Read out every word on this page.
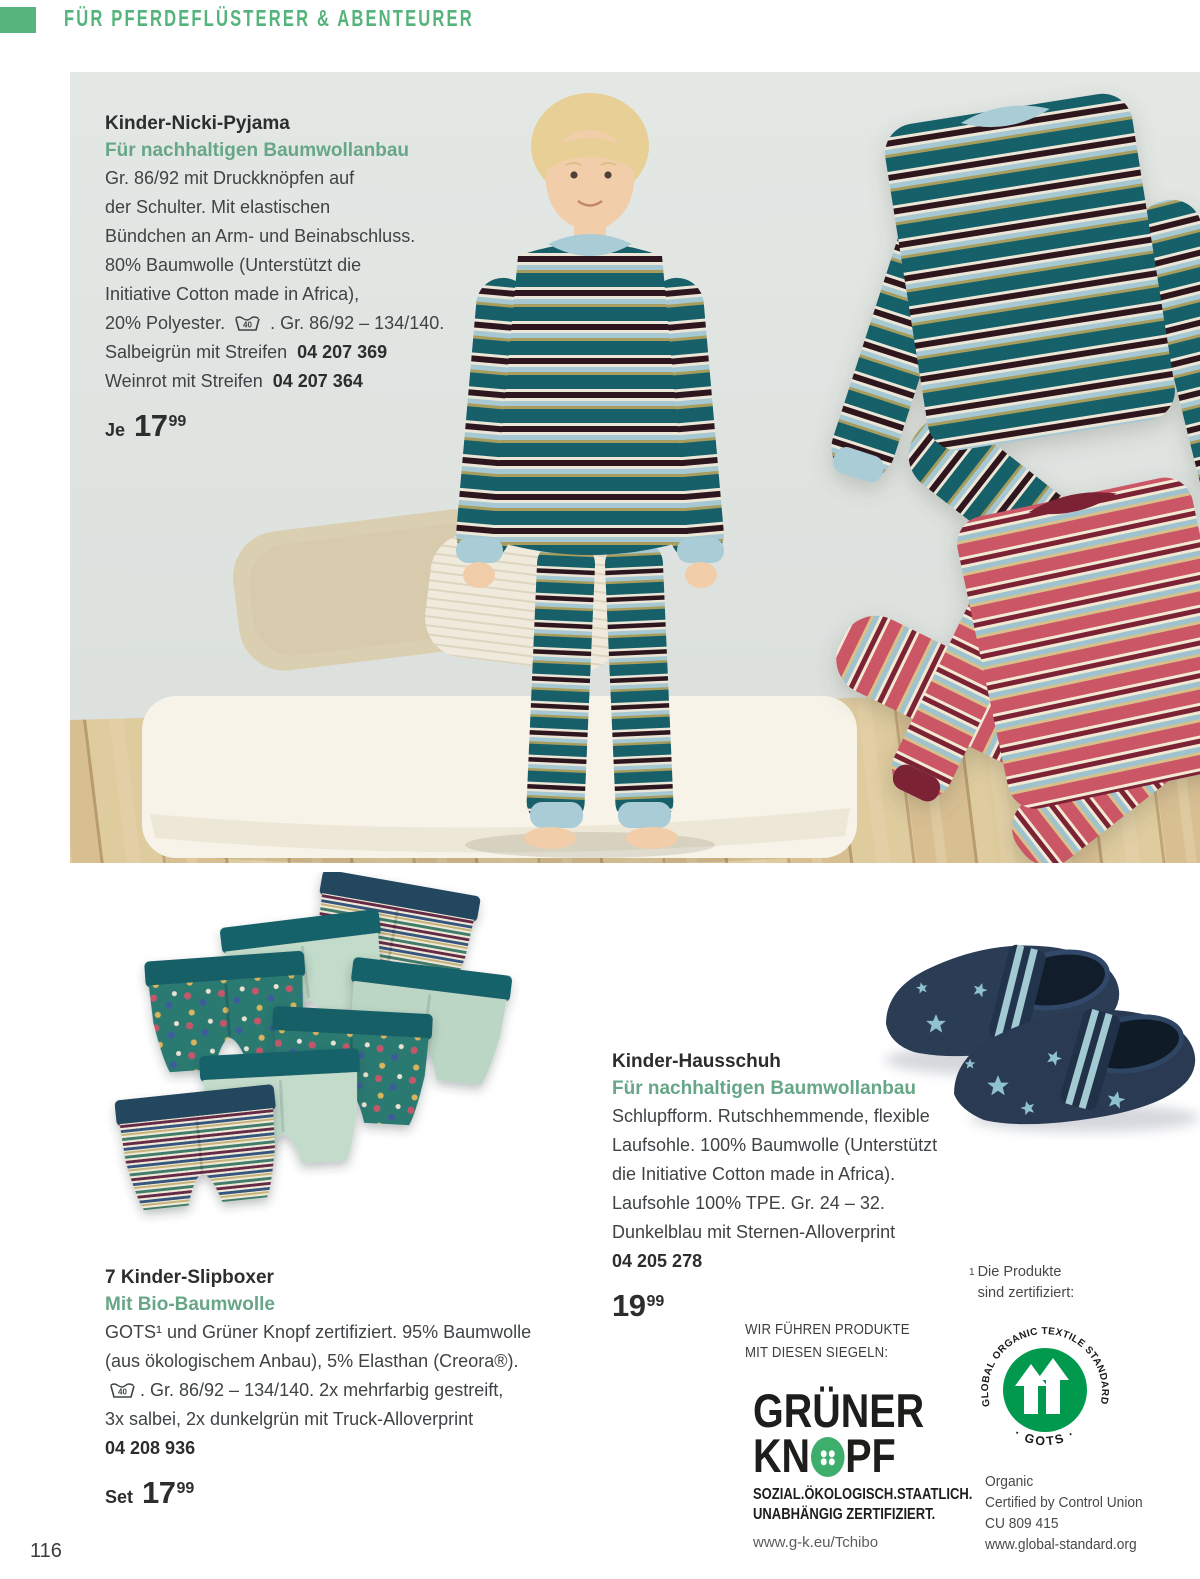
FÜR PFERDEFLÜSTERER & ABENTEURER
Kinder-Nicki-Pyjama
Für nachhaltigen Baumwollanbau
Gr. 86/92 mit Druckknöpfen auf
der Schulter. Mit elastischen
Bündchen an Arm- und Beinabschluss.
80% Baumwolle (Unterstützt die
Initiative Cotton made in Africa),
20% Polyester. 40 . Gr. 86/92 – 134/140.
Salbeigrün mit Streifen 04 207 369
Weinrot mit Streifen 04 207 364
Je 17 99
Kinder-Hausschuh
Für nachhaltigen Baumwollanbau
Schlupfform. Rutschhemmende, flexible
Laufsohle. 100% Baumwolle (Unterstützt
die Initiative Cotton made in Africa).
Laufsohle 100% TPE. Gr. 24 – 32.
Dunkelblau mit Sternen-Alloverprint
04 205 278
19 99
7 Kinder-Slipboxer
Mit Bio-Baumwolle
GOTS¹ und Grüner Knopf zertifiziert. 95% Baumwolle
(aus ökologischem Anbau), 5% Elasthan (Creora®).
40 . Gr. 86/92 – 134/140. 2x mehrfarbig gestreift,
3x salbei, 2x dunkelgrün mit Truck-Alloverprint
04 208 936
Set 17 99
1 Die Produkte
sind zertifiziert:
WIR FÜHREN PRODUKTE
MIT DIESEN SIEGELN:
GRÜNER
KN PF
SOZIAL.ÖKOLOGISCH.STAATLICH.
UNABHÄNGIG ZERTIFIZIERT.
www.g-k.eu/Tchibo
GLOBAL ORGANIC TEXTILE STANDARD
· GOTS ·
Organic
Certified by Control Union
CU 809 415
www.global-standard.org
116
